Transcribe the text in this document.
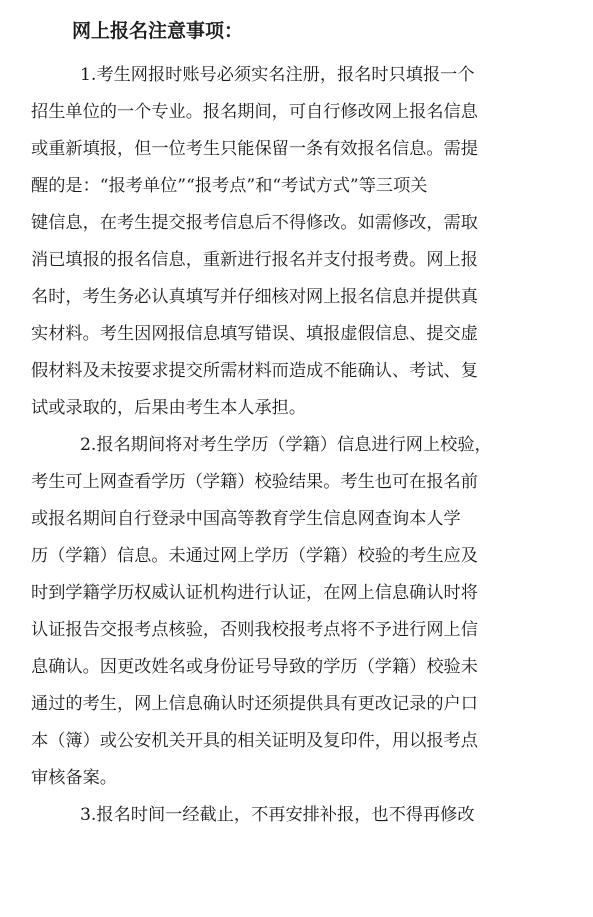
网上报名注意事项：
1.考生网报时账号必须实名注册，报名时只填报一个
招生单位的一个专业。报名期间，可自行修改网上报名信息
或重新填报，但一位考生只能保留一条有效报名信息。需提
醒的是：“报考单位”“报考点”和“考试方式”等三项关
键信息，在考生提交报考信息后不得修改。如需修改，需取
消已填报的报名信息，重新进行报名并支付报考费。网上报
名时，考生务必认真填写并仔细核对网上报名信息并提供真
实材料。考生因网报信息填写错误、填报虚假信息、提交虚
假材料及未按要求提交所需材料而造成不能确认、考试、复
试或录取的，后果由考生本人承担。
2.报名期间将对考生学历（学籍）信息进行网上校验，
考生可上网查看学历（学籍）校验结果。考生也可在报名前
或报名期间自行登录中国高等教育学生信息网查询本人学
历（学籍）信息。未通过网上学历（学籍）校验的考生应及
时到学籍学历权威认证机构进行认证，在网上信息确认时将
认证报告交报考点核验，否则我校报考点将不予进行网上信
息确认。因更改姓名或身份证号导致的学历（学籍）校验未
通过的考生，网上信息确认时还须提供具有更改记录的户口
本（簿）或公安机关开具的相关证明及复印件，用以报考点
审核备案。
3.报名时间一经截止，不再安排补报，也不得再修改
